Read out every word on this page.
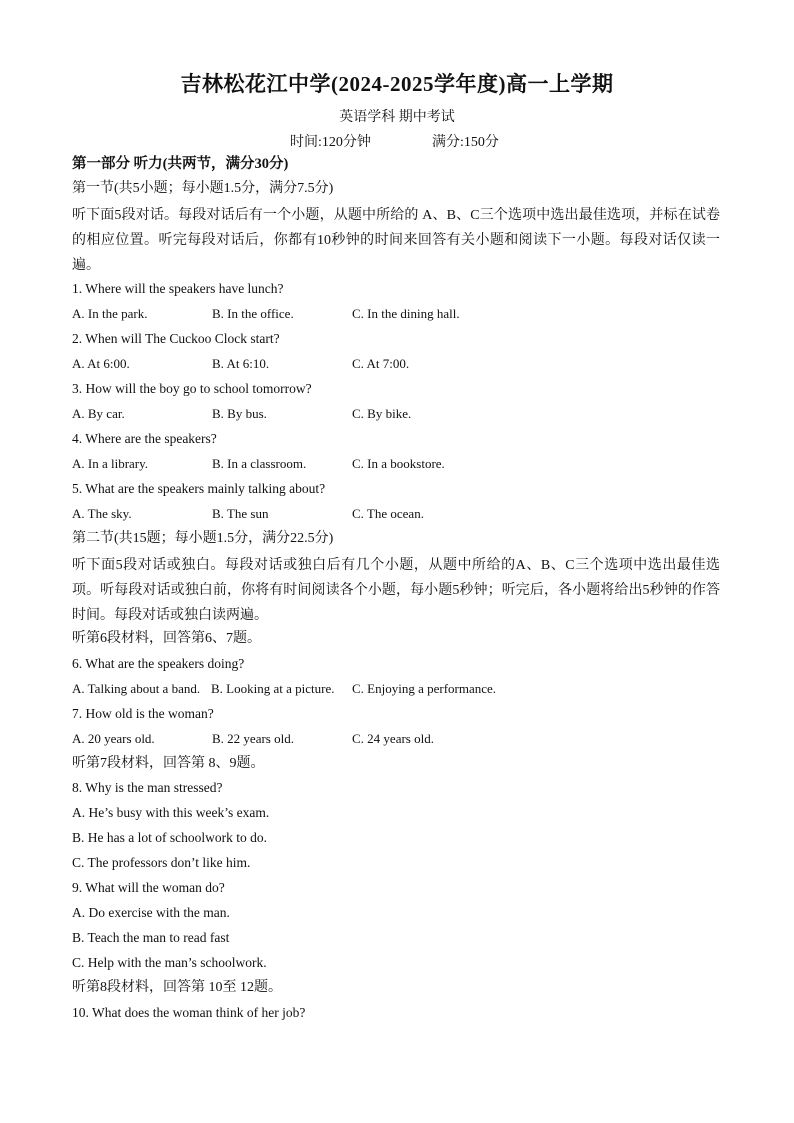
吉林松花江中学(2024-2025学年度)高一上学期
英语学科 期中考试
时间:120分钟	满分:150分
第一部分 听力(共两节，满分30分)
第一节(共5小题；每小题1.5分，满分7.5分)
听下面5段对话。每段对话后有一个小题，从题中所给的 A、B、C三个选项中选出最佳选项，并标在试卷的相应位置。听完每段对话后，你都有10秒钟的时间来回答有关小题和阅读下一小题。每段对话仅读一遍。
1. Where will the speakers have lunch?
A. In the park.	B. In the office.	C. In the dining hall.
2. When will The Cuckoo Clock start?
A. At 6:00.	B. At 6:10.	C. At 7:00.
3. How will the boy go to school tomorrow?
A. By car.	B. By bus.	C. By bike.
4. Where are the speakers?
A. In a library.	B. In a classroom.	C. In a bookstore.
5. What are the speakers mainly talking about?
A. The sky.	B. The sun	C. The ocean.
第二节(共15题；每小题1.5分，满分22.5分)
听下面5段对话或独白。每段对话或独白后有几个小题，从题中所给的A、B、C三个选项中选出最佳选项。听每段对话或独白前，你将有时间阅读各个小题，每小题5秒钟；听完后，各小题将给出5秒钟的作答时间。每段对话或独白读两遍。
听第6段材料，回答第6、7题。
6. What are the speakers doing?
A. Talking about a band. B. Looking at a picture. C. Enjoying a performance.
7. How old is the woman?
A. 20 years old.	B. 22 years old.	C. 24 years old.
听第7段材料，回答第 8、9题。
8. Why is the man stressed?
A. He’s busy with this week’s exam.
B. He has a lot of schoolwork to do.
C. The professors don’t like him.
9. What will the woman do?
A. Do exercise with the man.
B. Teach the man to read fast
C. Help with the man’s schoolwork.
听第8段材料，回答第 10至 12题。
10. What does the woman think of her job?
